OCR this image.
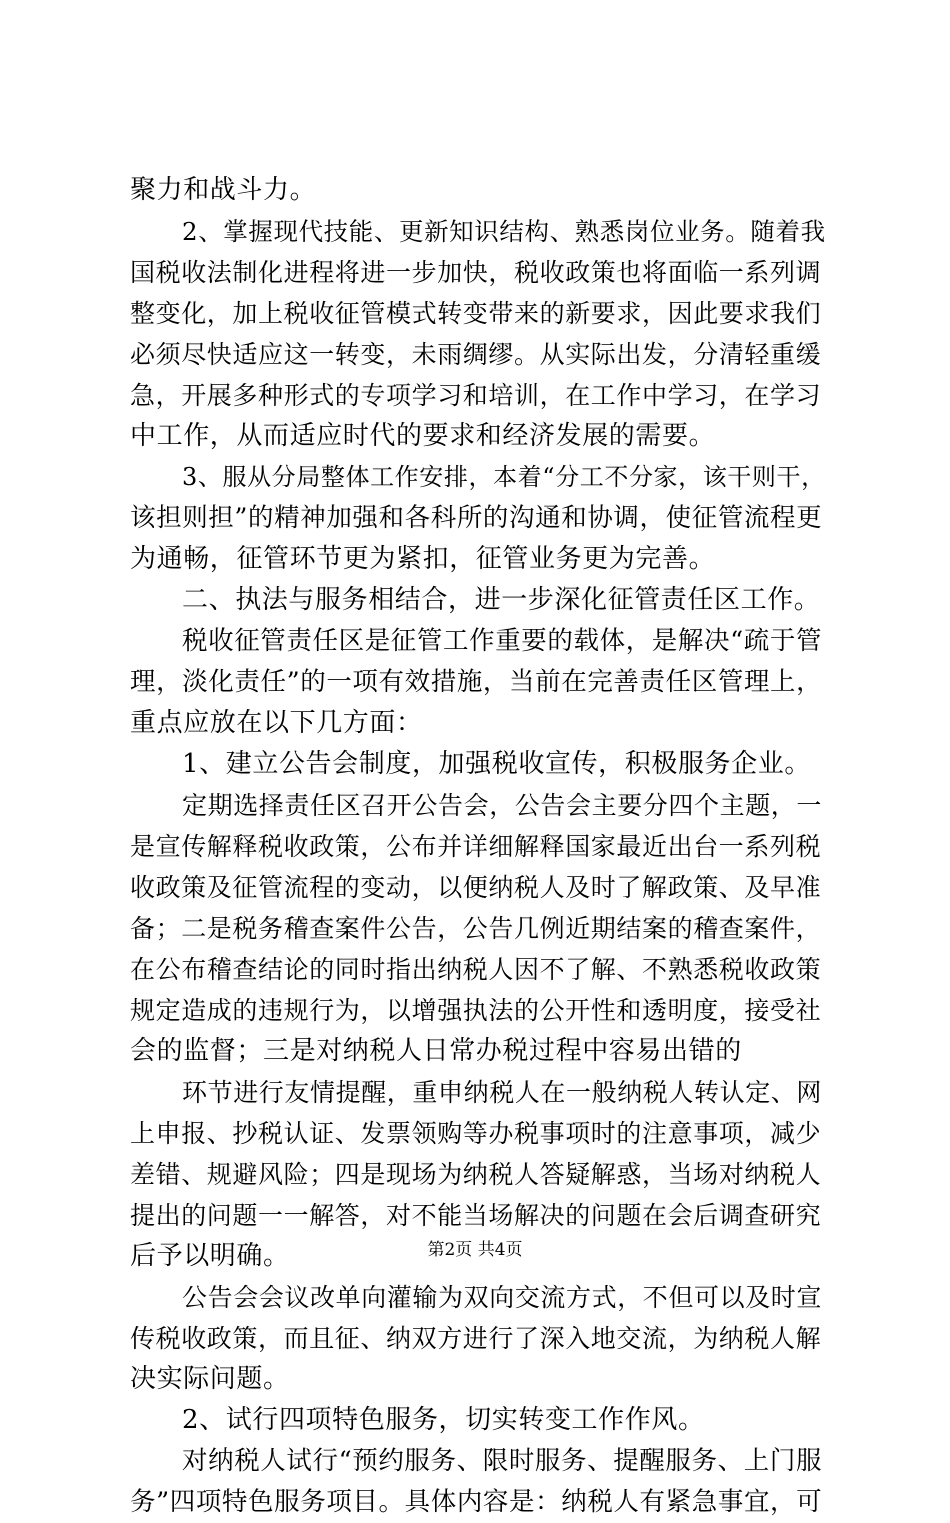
聚力和战斗力。
2、掌握现代技能、更新知识结构、熟悉岗位业务。随着我
国税收法制化进程将进一步加快，税收政策也将面临一系列调
整变化，加上税收征管模式转变带来的新要求，因此要求我们
必须尽快适应这一转变，未雨绸缪。从实际出发，分清轻重缓
急，开展多种形式的专项学习和培训，在工作中学习，在学习
中工作，从而适应时代的要求和经济发展的需要。
3、服从分局整体工作安排，本着“分工不分家，该干则干，
该担则担”的精神加强和各科所的沟通和协调，使征管流程更
为通畅，征管环节更为紧扣，征管业务更为完善。
二、执法与服务相结合，进一步深化征管责任区工作。
税收征管责任区是征管工作重要的载体，是解决“疏于管
理，淡化责任”的一项有效措施，当前在完善责任区管理上，
重点应放在以下几方面：
1、建立公告会制度，加强税收宣传，积极服务企业。
定期选择责任区召开公告会，公告会主要分四个主题，一
是宣传解释税收政策，公布并详细解释国家最近出台一系列税
收政策及征管流程的变动，以便纳税人及时了解政策、及早准
备；二是税务稽查案件公告，公告几例近期结案的稽查案件，
在公布稽查结论的同时指出纳税人因不了解、不熟悉税收政策
规定造成的违规行为，以增强执法的公开性和透明度，接受社
会的监督；三是对纳税人日常办税过程中容易出错的
环节进行友情提醒，重申纳税人在一般纳税人转认定、网
上申报、抄税认证、发票领购等办税事项时的注意事项，减少
差错、规避风险；四是现场为纳税人答疑解惑，当场对纳税人
提出的问题一一解答，对不能当场解决的问题在会后调查研究
后予以明确。
公告会会议改单向灌输为双向交流方式，不但可以及时宣
传税收政策，而且征、纳双方进行了深入地交流，为纳税人解
决实际问题。
2、试行四项特色服务，切实转变工作作风。
对纳税人试行“预约服务、限时服务、提醒服务、上门服
务”四项特色服务项目。具体内容是：纳税人有紧急事宜，可
第2页 共4页
